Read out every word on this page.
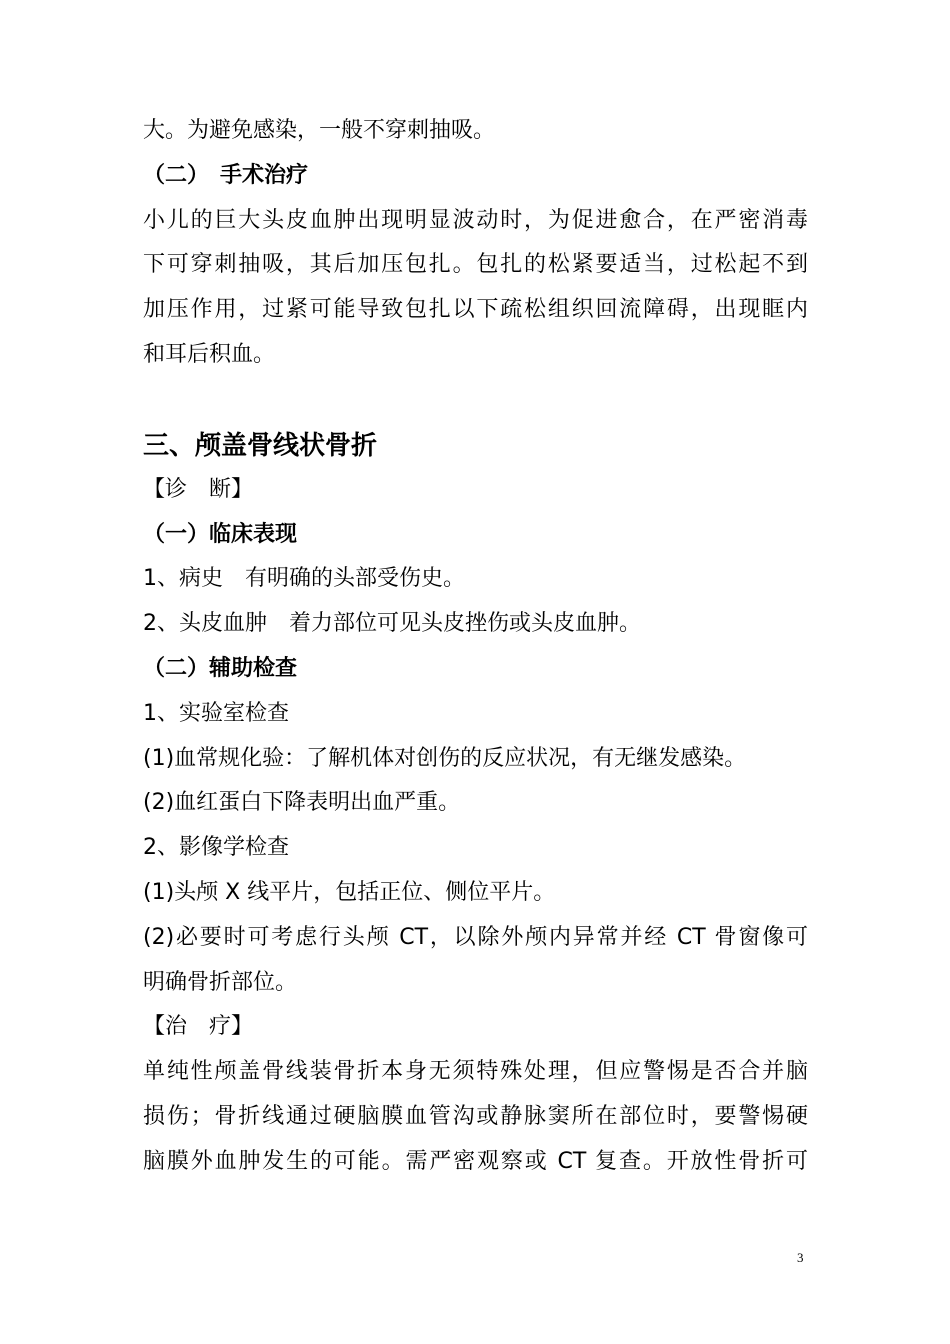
大。为避免感染，一般不穿刺抽吸。
（二）　手术治疗
小儿的巨大头皮血肿出现明显波动时，为促进愈合，在严密消毒
下可穿刺抽吸，其后加压包扎。包扎的松紧要适当，过松起不到
加压作用，过紧可能导致包扎以下疏松组织回流障碍，出现眶内
和耳后积血。
三、颅盖骨线状骨折
【诊　断】
（一）临床表现
1、病史　有明确的头部受伤史。
2、头皮血肿　着力部位可见头皮挫伤或头皮血肿。
（二）辅助检查
1、实验室检查
(1)血常规化验：了解机体对创伤的反应状况，有无继发感染。
(2)血红蛋白下降表明出血严重。
2、影像学检查
(1)头颅 X 线平片，包括正位、侧位平片。
(2)必要时可考虑行头颅 CT，以除外颅内异常并经 CT 骨窗像可
明确骨折部位。
【治　疗】
单纯性颅盖骨线装骨折本身无须特殊处理，但应警惕是否合并脑
损伤；骨折线通过硬脑膜血管沟或静脉窦所在部位时，要警惕硬
脑膜外血肿发生的可能。需严密观察或 CT 复查。开放性骨折可
3
